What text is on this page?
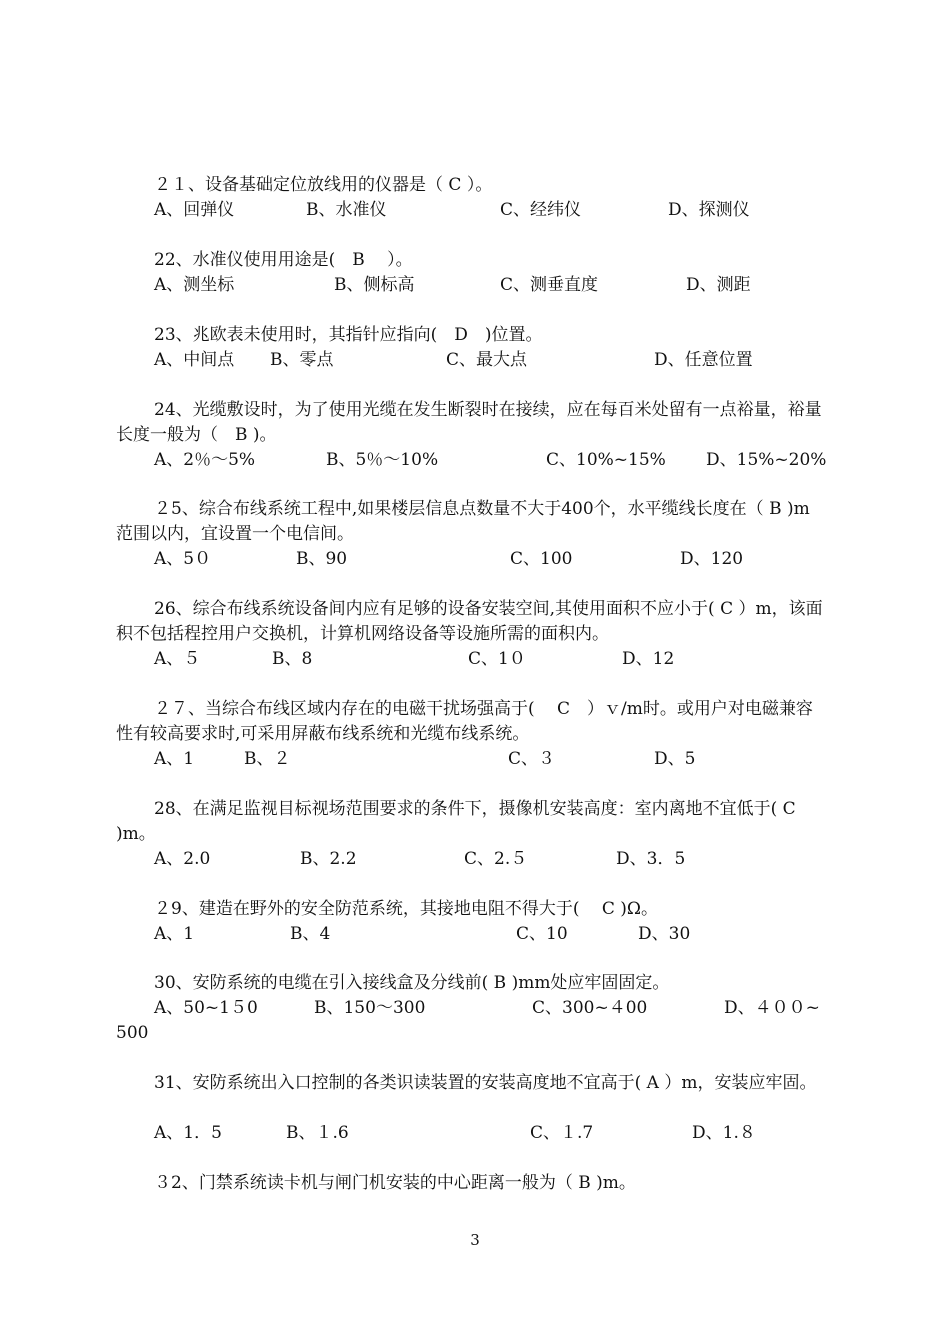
２１、设备基础定位放线用的仪器是（ C ）。

A、回弹仪	B、水准仪	C、经纬仪	D、探测仪

22、水准仪使用用途是(　B　 ）。

A、测坐标	B、侧标高	C、测垂直度	D、测距

23、兆欧表未使用时，其指针应指向(　D　)位置。

A、中间点 B、零点	C、最大点	D、任意位置

24、光缆敷设时，为了使用光缆在发生断裂时在接续，应在每百米处留有一点裕量，裕量长度一般为（　B )。

A、2％～5%	B、5％～10%	C、10%~15% D、15%~20%

２5、综合布线系统工程中,如果楼层信息点数量不大于400个，水平缆线长度在（ B )m范围以内，宜设置一个电信间。

A、5０	B、90	C、100	D、120

26、综合布线系统设备间内应有足够的设备安装空间,其使用面积不应小于( C ）m，该面积不包括程控用户交换机，计算机网络设备等设施所需的面积内。

A、５	B、8	C、1０	D、12

２７、当综合布线区域内存在的电磁干扰场强高于(　 C　）ｖ/m时。或用户对电磁兼容性有较高要求时,可采用屏蔽布线系统和光缆布线系统。

A、1	B、２	C、３	D、5

28、在满足监视目标视场范围要求的条件下，摄像机安装高度：室内离地不宜低于( C )m。

A、2.0	B、2.2	C、2.５	D、3．5

２9、建造在野外的安全防范系统，其接地电阻不得大于(　 C )Ω。

A、1	B、4	C、10	D、30

30、安防系统的电缆在引入接线盒及分线前( B )mm处应牢固固定。

A、50~1５0	B、150～300	C、300~４00	D、４００~
500

31、安防系统出入口控制的各类识读装置的安装高度地不宜高于( A ）m，安装应牢固。

A、1．5	B、１.6	C、１.7	D、1.８

３2、门禁系统读卡机与闸门机安装的中心距离一般为（ B )m。

3
